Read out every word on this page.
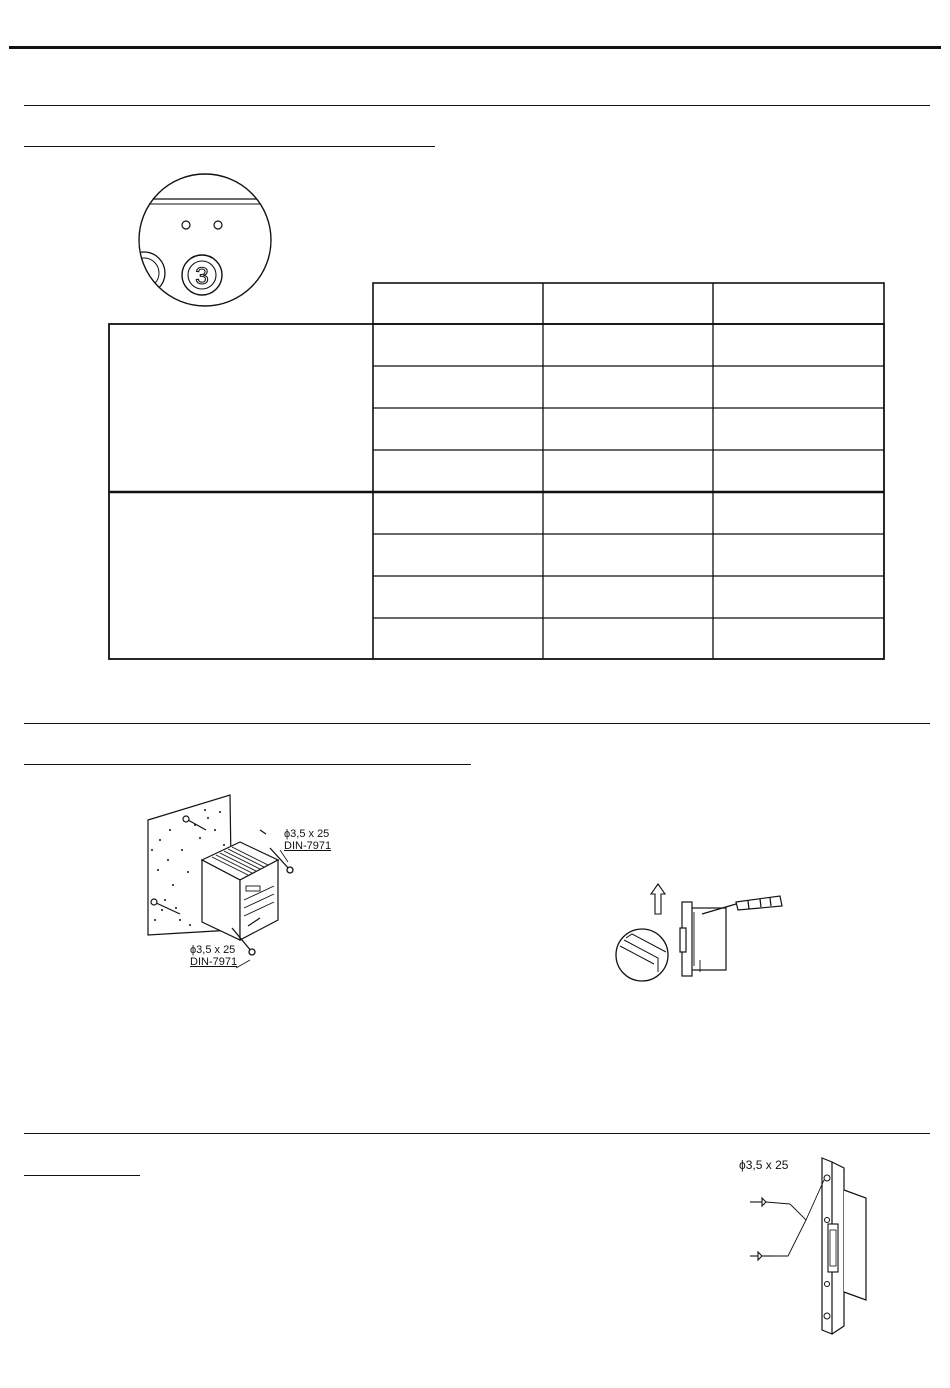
3
ϕ3,5 x 25
DIN-7971
ϕ3,5 x 25
DIN-7971
ϕ3,5 x 25
